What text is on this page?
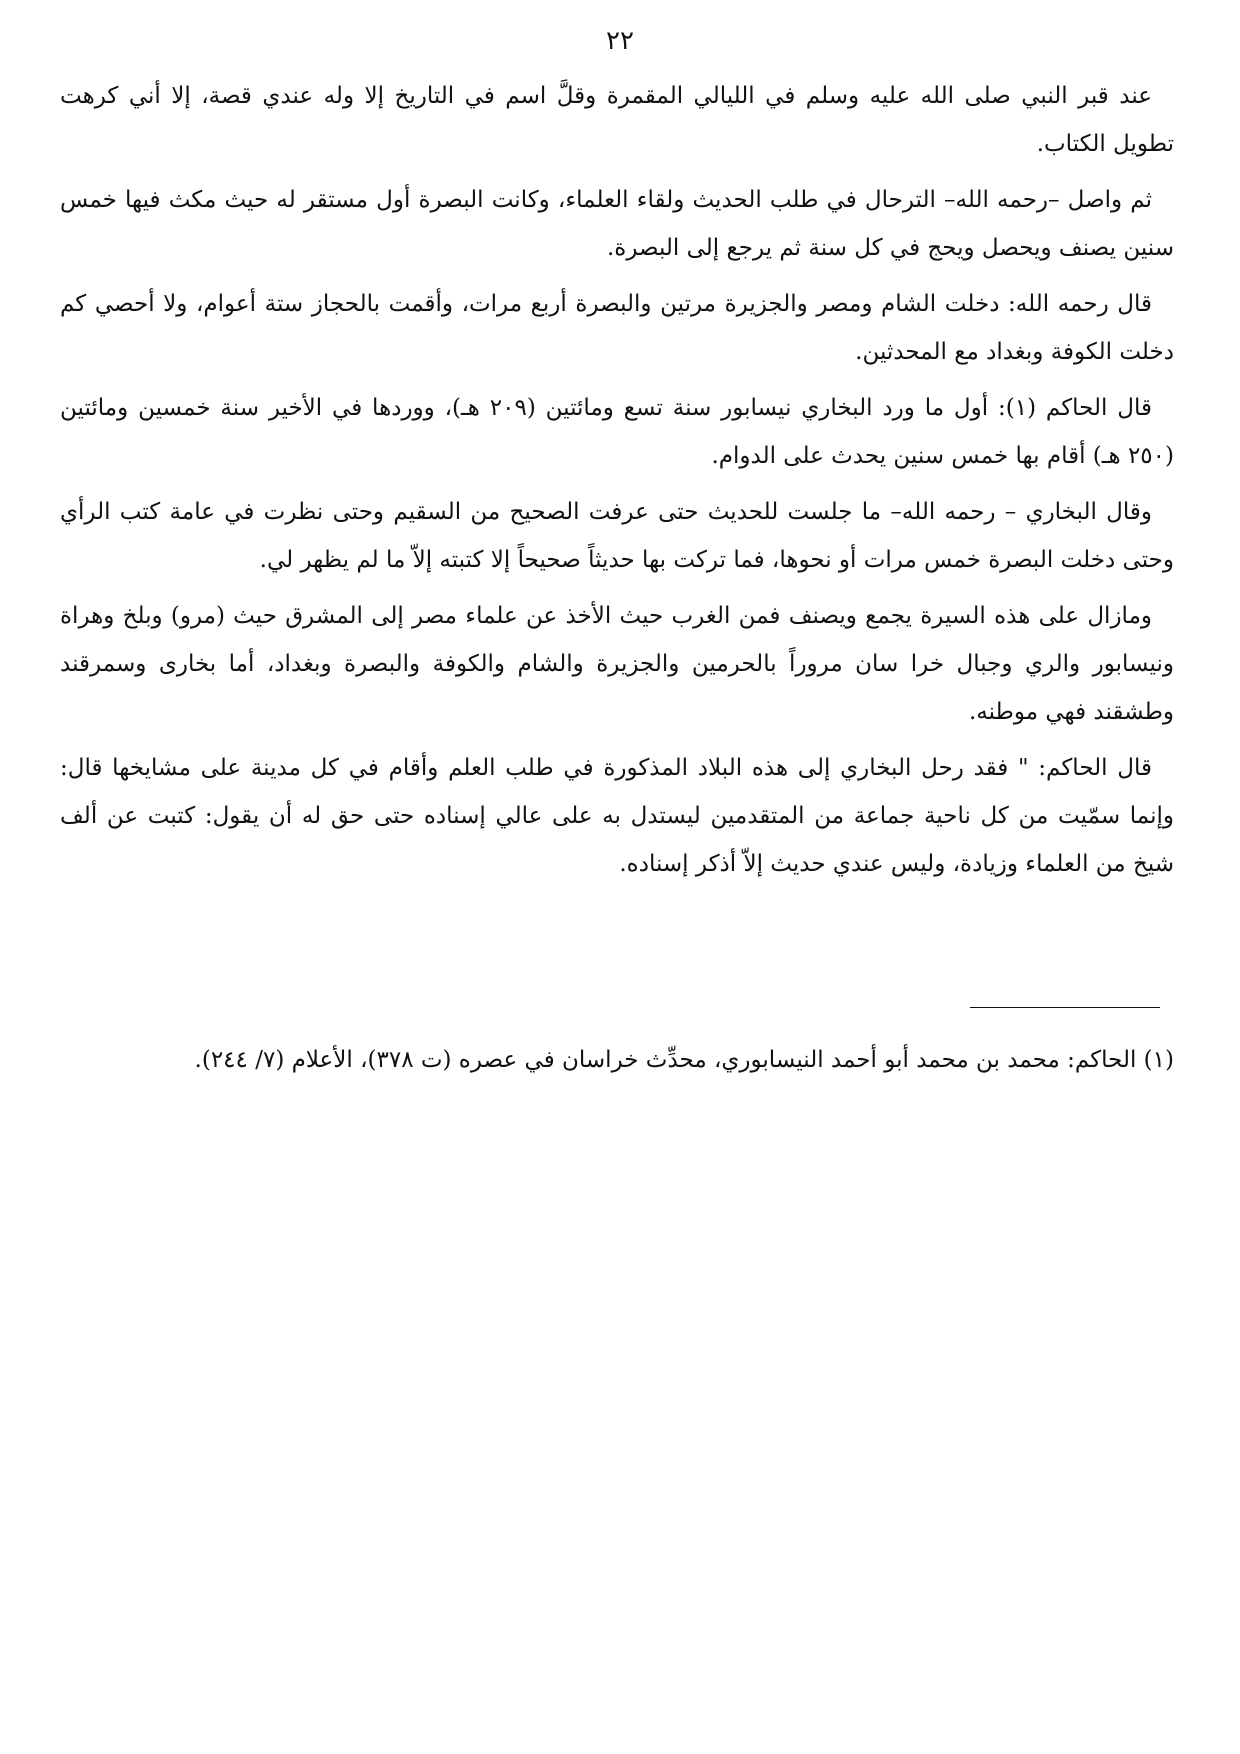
٢٢

عند قبر النبي صلى الله عليه وسلم في الليالي المقمرة وقلَّ اسم في التاريخ إلا وله عندي قصة، إلا أني كرهت تطويل الكتاب.

ثم واصل –رحمه الله– الترحال في طلب الحديث ولقاء العلماء، وكانت البصرة أول مستقر له حيث مكث فيها خمس سنين يصنف ويحصل ويحج في كل سنة ثم يرجع إلى البصرة.

قال رحمه الله: دخلت الشام ومصر والجزيرة مرتين والبصرة أربع مرات، وأقمت بالحجاز ستة أعوام، ولا أحصي كم دخلت الكوفة وبغداد مع المحدثين.

قال الحاكم (١): أول ما ورد البخاري نيسابور سنة تسع ومائتين (٢٠٩ هـ)، ووردها في الأخير سنة خمسين ومائتين (٢٥٠ هـ) أقام بها خمس سنين يحدث على الدوام.

وقال البخاري – رحمه الله– ما جلست للحديث حتى عرفت الصحيح من السقيم وحتى نظرت في عامة كتب الرأي وحتى دخلت البصرة خمس مرات أو نحوها، فما تركت بها حديثاً صحيحاً إلا كتبته إلاّ ما لم يظهر لي.

ومازال على هذه السيرة يجمع ويصنف فمن الغرب حيث الأخذ عن علماء مصر إلى المشرق حيث (مرو) وبلخ وهراة ونيسابور والري وجبال خرا سان مروراً بالحرمين والجزيرة والشام والكوفة والبصرة وبغداد، أما بخارى وسمرقند وطشقند فهي موطنه.

قال الحاكم: " فقد رحل البخاري إلى هذه البلاد المذكورة في طلب العلم وأقام في كل مدينة على مشايخها قال: وإنما سمّيت من كل ناحية جماعة من المتقدمين ليستدل به على عالي إسناده حتى حق له أن يقول: كتبت عن ألف شيخ من العلماء وزيادة، وليس عندي حديث إلاّ أذكر إسناده.

(١) الحاكم: محمد بن محمد أبو أحمد النيسابوري، محدِّث خراسان في عصره (ت ٣٧٨)، الأعلام (٧/ ٢٤٤).
